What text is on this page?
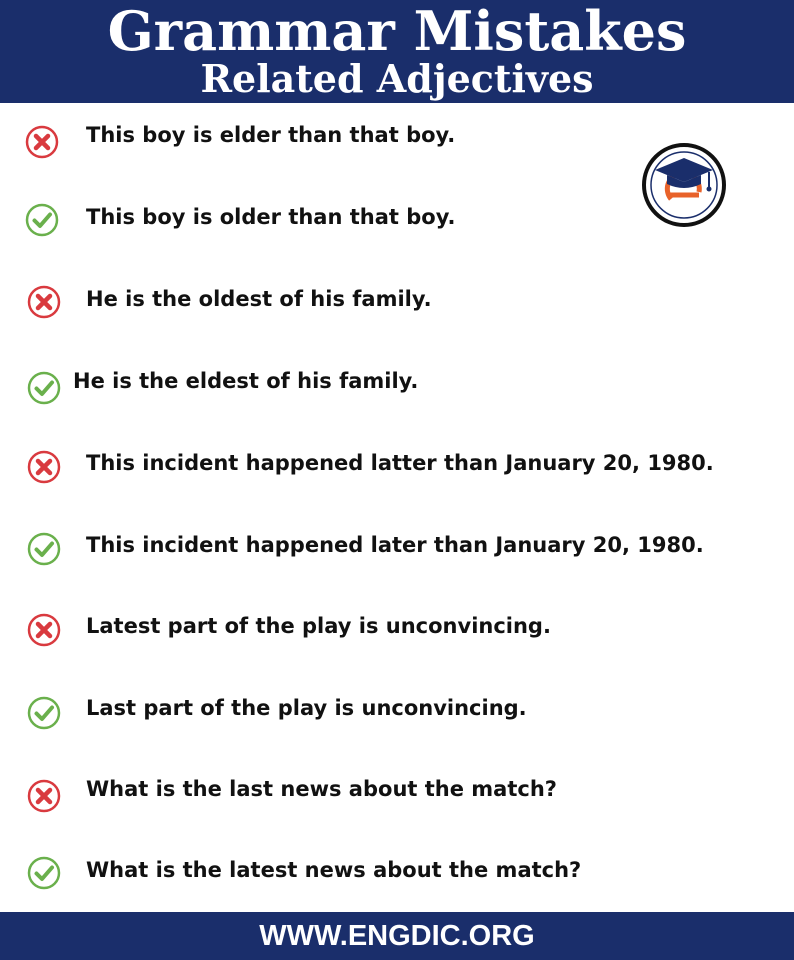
Grammar Mistakes
Related Adjectives
This boy is elder than that boy.
This boy is older than that boy.
He is the oldest of his family.
He is the eldest of his family.
This incident happened latter than January 20, 1980.
This incident happened later than January 20, 1980.
Latest part of the play is unconvincing.
Last part of the play is unconvincing.
What is the last news about the match?
What is the latest news about the match?
WWW.ENGDIC.ORG
